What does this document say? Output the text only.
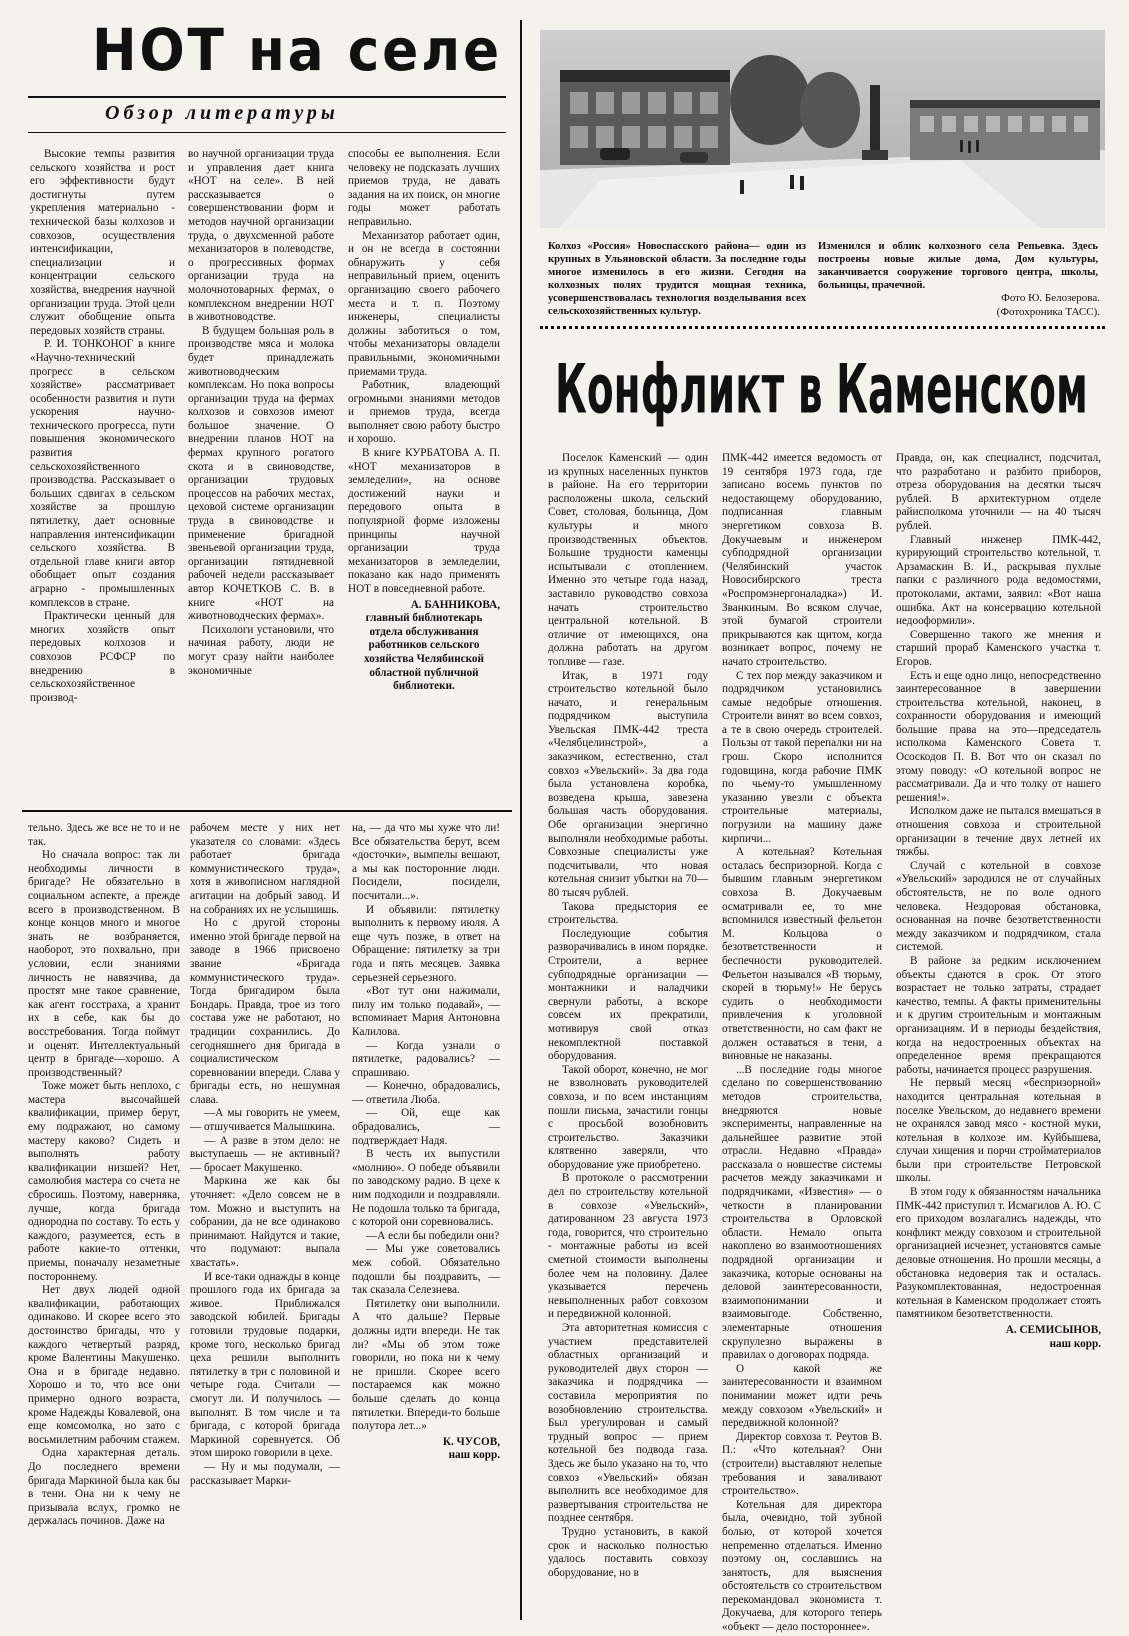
НОТ на селе
Обзор литературы

Высокие темпы развития сельского хозяйства и рост его эффективности будут достигнуты путем укрепления материально - технической базы колхозов и совхозов, осуществления интенсификации, специализации и концентрации сельского хозяйства, внедрения научной организации труда. Этой цели служит обобщение опыта передовых хозяйств страны.

Р. И. ТОНКОНОГ в книге «Научно-технический прогресс в сельском хозяйстве» рассматривает особенности развития и пути ускорения научно-технического прогресса, пути повышения экономического развития сельскохозяйственного производства. Рассказывает о больших сдвигах в сельском хозяйстве за прошлую пятилетку, дает основные направления интенсификации сельского хозяйства. В отдельной главе книги автор обобщает опыт создания аграрно - промышленных комплексов в стране.

Практически ценный для многих хозяйств опыт передовых колхозов и совхозов РСФСР по внедрению в сельскохозяйственное производ-

во научной организации труда и управления дает книга «НОТ на селе». В ней рассказывается о совершенствовании форм и методов научной организации труда, о двухсменной работе механизаторов в полеводстве, о прогрессивных формах организации труда на молочнотоварных фермах, о комплексном внедрении НОТ в животноводстве.

В будущем большая роль в производстве мяса и молока будет принадлежать животноводческим комплексам. Но пока вопросы организации труда на фермах колхозов и совхозов имеют большое значение. О внедрении планов НОТ на фермах крупного рогатого скота и в свиноводстве, организации трудовых процессов на рабочих местах, цеховой системе организации труда в свиноводстве и применение бригадной звеньевой организации труда, организации пятидневной рабочей недели рассказывает автор КОЧЕТКОВ С. В. в книге «НОТ на животноводческих фермах».

Психологи установили, что начиная работу, люди не могут сразу найти наиболее экономичные

способы ее выполнения. Если человеку не подсказать лучших приемов труда, не давать задания на их поиск, он многие годы может работать неправильно.

Механизатор работает один, и он не всегда в состоянии обнаружить у себя неправильный прием, оценить организацию своего рабочего места и т. п. Поэтому инженеры, специалисты должны заботиться о том, чтобы механизаторы овладели правильными, экономичными приемами труда.

Работник, владеющий огромными знаниями методов и приемов труда, всегда выполняет свою работу быстро и хорошо.

В книге КУРБАТОВА А. П. «НОТ механизаторов в земледелии», на основе достижений науки и передового опыта в популярной форме изложены принципы научной организации труда механизаторов в земледелии, показано как надо применять НОТ в повседневной работе.

А. БАННИКОВА,

главный библиотекарь отдела обслуживания работников сельского хозяйства Челябинской областной публичной библиотеки.

тельно. Здесь же все не то и не так.

Но сначала вопрос: так ли необходимы личности в бригаде? Не обязательно в социальном аспекте, а прежде всего в производственном. В конце концов много и многое знать не возбраняется, наоборот, это похвально, при условии, если знаниями личность не навязчива, да простят мне такое сравнение, как агент госстраха, а хранит их в себе, как бы до восстребования. Тогда поймут и оценят. Интеллектуальный центр в бригаде—хорошо. А производственный?

Тоже может быть неплохо, с мастера высочайшей квалификации, пример берут, ему подражают, но самому мастеру каково? Сидеть и выполнять работу квалификации низшей? Нет, самолюбия мастера со счета не сбросишь. Поэтому, наверняка, лучше, когда бригада однородна по составу. То есть у каждого, разумеется, есть в работе какие-то оттенки, приемы, поначалу незаметные постороннему.

Нет двух людей одной квалификации, работающих одинаково. И скорее всего это достоинство бригады, что у каждого четвертый разряд, кроме Валентины Макушенко. Она и в бригаде недавно. Хорошо и то, что все они примерно одного возраста, кроме Надежды Ковалевой, она еще комсомолка, но зато с восьмилетним рабочим стажем.

Одна характерная деталь. До последнего времени бригада Маркиной была как бы в тени. Она ни к чему не призывала вслух, громко не держалась починов. Даже на

рабочем месте у них нет указателя со словами: «Здесь работает бригада коммунистического труда», хотя в живописном наглядной агитации на добрый завод. И на собраниях их не услышишь.

Но с другой стороны именно этой бригаде первой на заводе в 1966 присвоено звание «Бригада коммунистического труда». Тогда бригадиром была Бондарь. Правда, трое из того состава уже не работают, но традиции сохранились. До сегодняшнего дня бригада в социалистическом соревновании впереди. Слава у бригады есть, но нешумная слава.

—А мы говорить не умеем, — отшучивается Малышкина.

— А разве в этом дело: не выступаешь — не активный? — бросает Макушенко.

Маркина же как бы уточняет: «Дело совсем не в том. Можно и выступить на собрании, да не все одинаково принимают. Найдутся и такие, что подумают: выпала хвастать».

И все-таки однажды в конце прошлого года их бригада за живое. Приближался заводской юбилей. Бригады готовили трудовые подарки, кроме того, несколько бригад цеха решили выполнить пятилетку в три с половиной и четыре года. Считали — смогут ли. И получилось — выполнят. В том числе и та бригада, с которой бригада Маркиной соревнуется. Об этом широко говорили в цехе.

— Ну и мы подумали, — рассказывает Марки-

на, — да что мы хуже что ли! Все обязательства берут, всем «досточки», вымпелы вешают, а мы как посторонние люди. Посидели, посидели, посчитали...».

И объявили: пятилетку выполнить к первому июля. А еще чуть позже, в ответ на Обращение: пятилетку за три года и пять месяцев. Заявка серьезней серьезного.

«Вот тут они нажимали, пилу им только подавай», — вспоминает Мария Антоновна Калилова.

— Когда узнали о пятилетке, радовались? — спрашиваю.

— Конечно, обрадовались, — ответила Люба.

— Ой, еще как обрадовались, — подтверждает Надя.

В честь их выпустили «молнию». О победе объявили по заводскому радио. В цехе к ним подходили и поздравляли. Не подошла только та бригада, с которой они соревновались.

—А если бы победили они?

— Мы уже советовались меж собой. Обязательно подошли бы поздравить, — так сказала Селезнева.

Пятилетку они выполнили. А что дальше? Первые должны идти впереди. Не так ли? «Мы об этом тоже говорили, но пока ни к чему не пришли. Скорее всего постараемся как можно больше сделать до конца пятилетки. Впереди-то больше полутора лет...»

К. ЧУСОВ,

наш корр.

Колхоз «Россия» Новоспасского района— один из крупных в Ульяновской области. За последние годы многое изменилось в его жизни. Сегодня на колхозных полях трудится мощная техника, усовершенствовалась технология возделывания всех сельскохозяйственных культур.
Изменился и облик колхозного села Репьевка. Здесь построены новые жилые дома, Дом культуры, заканчивается сооружение торгового центра, школы, больницы, прачечной.
Фото Ю. Белозерова.
(Фотохроника ТАСС).
Конфликт в Каменском

Поселок Каменский — один из крупных населенных пунктов в районе. На его территории расположены школа, сельский Совет, столовая, больница, Дом культуры и много производственных объектов. Большие трудности каменцы испытывали с отоплением. Именно это четыре года назад, заставило руководство совхоза начать строительство центральной котельной. В отличие от имеющихся, она должна работать на другом топливе — газе.

Итак, в 1971 году строительство котельной было начато, и генеральным подрядчиком выступила Увельская ПМК-442 треста «Челябцелинстрой», а заказчиком, естественно, стал совхоз «Увельский». За два года была установлена коробка, возведена крыша, завезена большая часть оборудования. Обе организации энергично выполняли необходимые работы. Совхозные специалисты уже подсчитывали, что новая котельная снизит убытки на 70—80 тысяч рублей.

Такова предыстория ее строительства.

Последующие события разворачивались в ином порядке. Строители, а вернее субподрядные организации — монтажники и наладчики свернули работы, а вскоре совсем их прекратили, мотивируя свой отказ некомплектной поставкой оборудования.

Такой оборот, конечно, не мог не взволновать руководителей совхоза, и по всем инстанциям пошли письма, зачастили гонцы с просьбой возобновить строительство. Заказчики клятвенно заверяли, что оборудование уже приобретено.

В протоколе о рассмотрении дел по строительству котельной в совхозе «Увельский», датированном 23 августа 1973 года, говорится, что строительно - монтажные работы из всей сметной стоимости выполнены более чем на половину. Далее указывается перечень невыполненных работ совхозом и передвижной колонной.

Эта авторитетная комиссия с участием представителей областных организаций и руководителей двух сторон — заказчика и подрядчика — составила мероприятия по возобновлению строительства. Был урегулирован и самый трудный вопрос — прием котельной без подвода газа. Здесь же было указано на то, что совхоз «Увельский» обязан выполнить все необходимое для развертывания строительства не позднее сентября.

Трудно установить, в какой срок и насколько полностью удалось поставить совхозу оборудование, но в

ПМК-442 имеется ведомость от 19 сентября 1973 года, где записано восемь пунктов по недостающему оборудованию, подписанная главным энергетиком совхоза В. Докучаевым и инженером субподрядной организации (Челябинский участок Новосибирского треста «Роспромэнергоналадка») И. Званкиным. Во всяком случае, этой бумагой строители прикрываются как щитом, когда возникает вопрос, почему не начато строительство.

С тех пор между заказчиком и подрядчиком установились самые недобрые отношения. Строители винят во всем совхоз, а те в свою очередь строителей. Пользы от такой перепалки ни на грош. Скоро исполнится годовщина, когда рабочие ПМК по чьему-то умышленному указанию увезли с объекта строительные материалы, погрузили на машину даже кирпичи...

А котельная? Котельная осталась беспризорной. Когда с бывшим главным энергетиком совхоза В. Докучаевым осматривали ее, то мне вспомнился известный фельетон М. Кольцова о безответственности и беспечности руководителей. Фельетон назывался «В тюрьму, скорей в тюрьму!» Не берусь судить о необходимости привлечения к уголовной ответственности, но сам факт не должен оставаться в тени, а виновные не наказаны.

...В последние годы многое сделано по совершенствованию методов строительства, внедряются новые эксперименты, направленные на дальнейшее развитие этой отрасли. Недавно «Правда» рассказала о новшестве системы расчетов между заказчиками и подрядчиками, «Известия» — о четкости в планировании строительства в Орловской области. Немало опыта накоплено во взаимоотношениях подрядной организации и заказчика, которые основаны на деловой заинтересованности, взаимопонимании и взаимовыгоде. Собственно, элементарные отношения скрупулезно выражены в правилах о договорах подряда.

О какой же заинтересованности и взаимном понимании может идти речь между совхозом «Увельский» и передвижной колонной?

Директор совхоза т. Реутов В. П.: «Что котельная? Они (строители) выставляют нелепые требования и заваливают строительство».

Котельная для директора была, очевидно, той зубной болью, от которой хочется непременно отделаться. Именно поэтому он, сославшись на занятость, для выяснения обстоятельств со строительством перекомандовал экономиста т. Докучаева, для которого теперь «объект — дело постороннее».

Правда, он, как специалист, подсчитал, что разработано и разбито приборов, отреза оборудования на десятки тысяч рублей. В архитектурном отделе райисполкома уточнили — на 40 тысяч рублей.

Главный инженер ПМК-442, курирующий строительство котельной, т. Арзамаскин В. И., раскрывая пухлые папки с различного рода ведомостями, протоколами, актами, заявил: «Вот наша ошибка. Акт на консервацию котельной недооформили».

Совершенно такого же мнения и старший прораб Каменского участка т. Егоров.

Есть и еще одно лицо, непосредственно заинтересованное в завершении строительства котельной, наконец, в сохранности оборудования и имеющий большие права на это—председатель исполкома Каменского Совета т. Ососкодов П. В. Вот что он сказал по этому поводу: «О котельной вопрос не рассматривали. Да и что толку от нашего решения!».

Исполком даже не пытался вмешаться в отношения совхоза и строительной организации в течение двух летней их тяжбы.

Случай с котельной в совхозе «Увельский» зародился не от случайных обстоятельств, не по воле одного человека. Нездоровая обстановка, основанная на почве безответственности между заказчиком и подрядчиком, стала системой.

В районе за редким исключением объекты сдаются в срок. От этого возрастает не только затраты, страдает качество, темпы. А факты применительны и к другим строительным и монтажным организациям. И в периоды бездействия, когда на недостроенных объектах на определенное время прекращаются работы, начинается процесс разрушения.

Не первый месяц «беспризорной» находится центральная котельная в поселке Увельском, до недавнего времени не охранялся завод мясо - костной муки, котельная в колхозе им. Куйбышева, случаи хищения и порчи стройматериалов были при строительстве Петровской школы.

В этом году к обязанностям начальника ПМК-442 приступил т. Исмагилов А. Ю. С его приходом возлагались надежды, что конфликт между совхозом и строительной организацией исчезнет, установятся самые деловые отношения. Но прошли месяцы, а обстановка недоверия так и осталась. Разукомплектованная, недостроенная котельная в Каменском продолжает стоять памятником безответственности.

А. СЕМИСЫНОВ,

наш корр.
